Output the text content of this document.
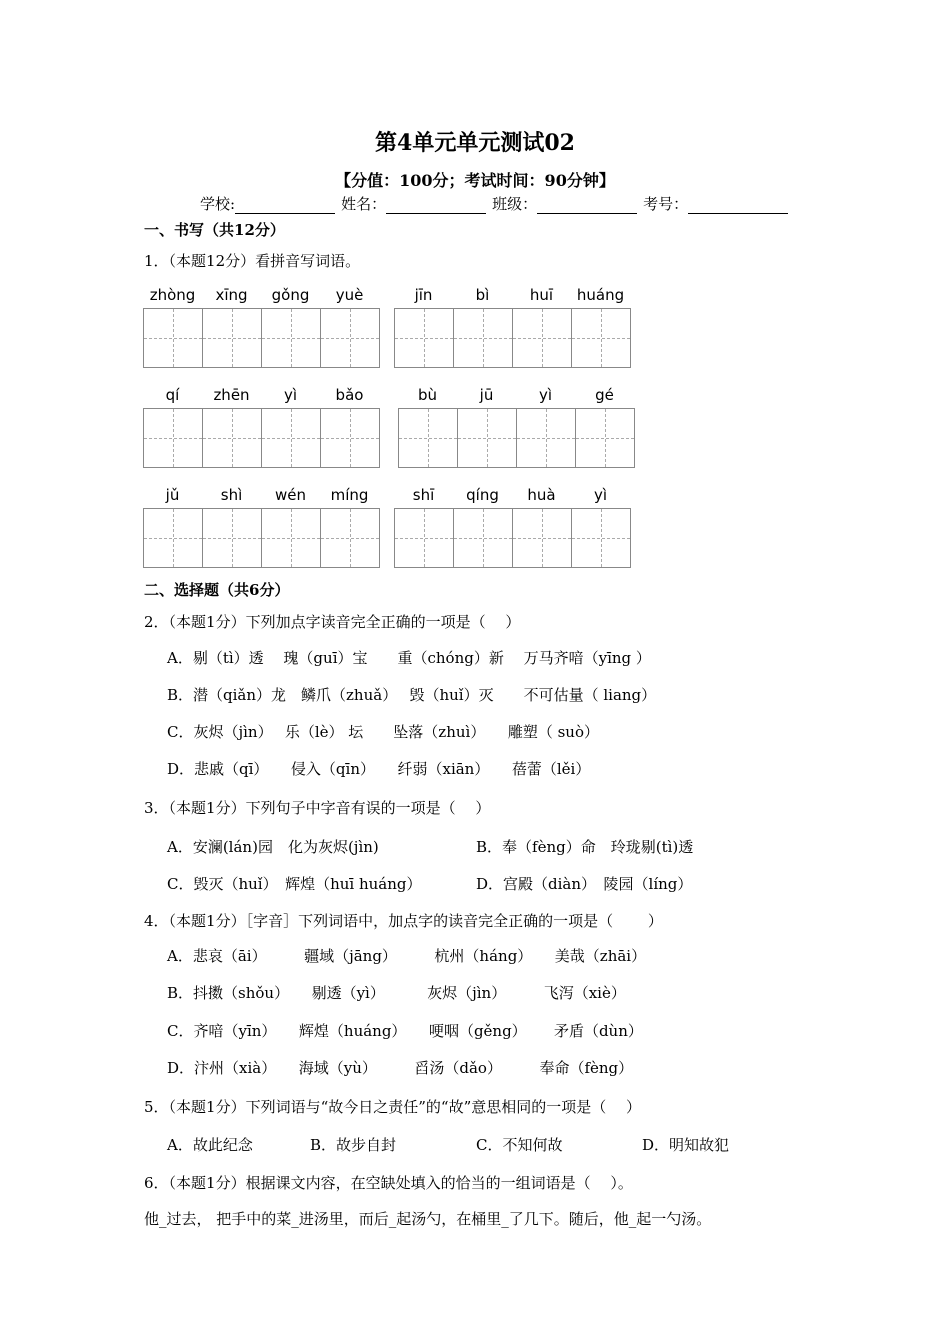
第4单元单元测试02
【分值：100分；考试时间：90分钟】
学校:	姓名：	班级：	考号：
一、书写（共12分）
1．（本题12分）看拼音写词语。
zhòng	xīng	gǒng	yuè	jīn	bì	huī	huáng
qí	zhēn	yì	bǎo	bù	jū	yì	gé
jǔ	shì	wén	míng	shī	qíng	huà	yì
二、选择题（共6分）
2．（本题1分）下列加点字读音完全正确的一项是（　 ）
A．剔（tì）透　 瑰（guī）宝　　重（chóng）新　 万马齐喑（yīng ）
B．潜（qiǎn）龙　鳞爪（zhuǎ）　 毁（huǐ）灭　　不可估量（ liang）
C．灰烬（jìn）　 乐（lè） 坛　　坠落（zhuì）　　雕塑（ suò）
D．悲戚（qī）　　侵入（qīn）　　纤弱（xiān）　　蓓蕾（lěi）
3．（本题1分）下列句子中字音有误的一项是（　 ）
A．安澜(lán)园　化为灰烬(jìn)	B．奉（fèng）命　玲珑剔(tì)透
C．毁灭（huǐ）　辉煌（huī huáng）	D．宫殿（diàn）　陵园（líng）
4．（本题1分）［字音］下列词语中，加点字的读音完全正确的一项是（　　 ）
A．悲哀（āi）　　　疆域（jāng）　　　杭州（háng）　　美哉（zhāi）
B．抖擞（shǒu）　　剔透（yì）　　　 灰烬（jìn）　　　飞泻（xiè）
C．齐喑（yīn）　　辉煌（huáng）　　哽咽（gěng）　　 矛盾（dùn）
D．汴州（xià）　　海域（yù）　　　舀汤（dǎo）　　　奉命（fèng）
5．（本题1分）下列词语与“故今日之责任”的“故”意思相同的一项是（　 ）
A．故此纪念	B．故步自封	C．不知何故	D．明知故犯
6．（本题1分）根据课文内容，在空缺处填入的恰当的一组词语是（　 ）。
他_过去， 把手中的菜_进汤里，而后_起汤勺，在桶里_了几下。随后，他_起一勺汤。
